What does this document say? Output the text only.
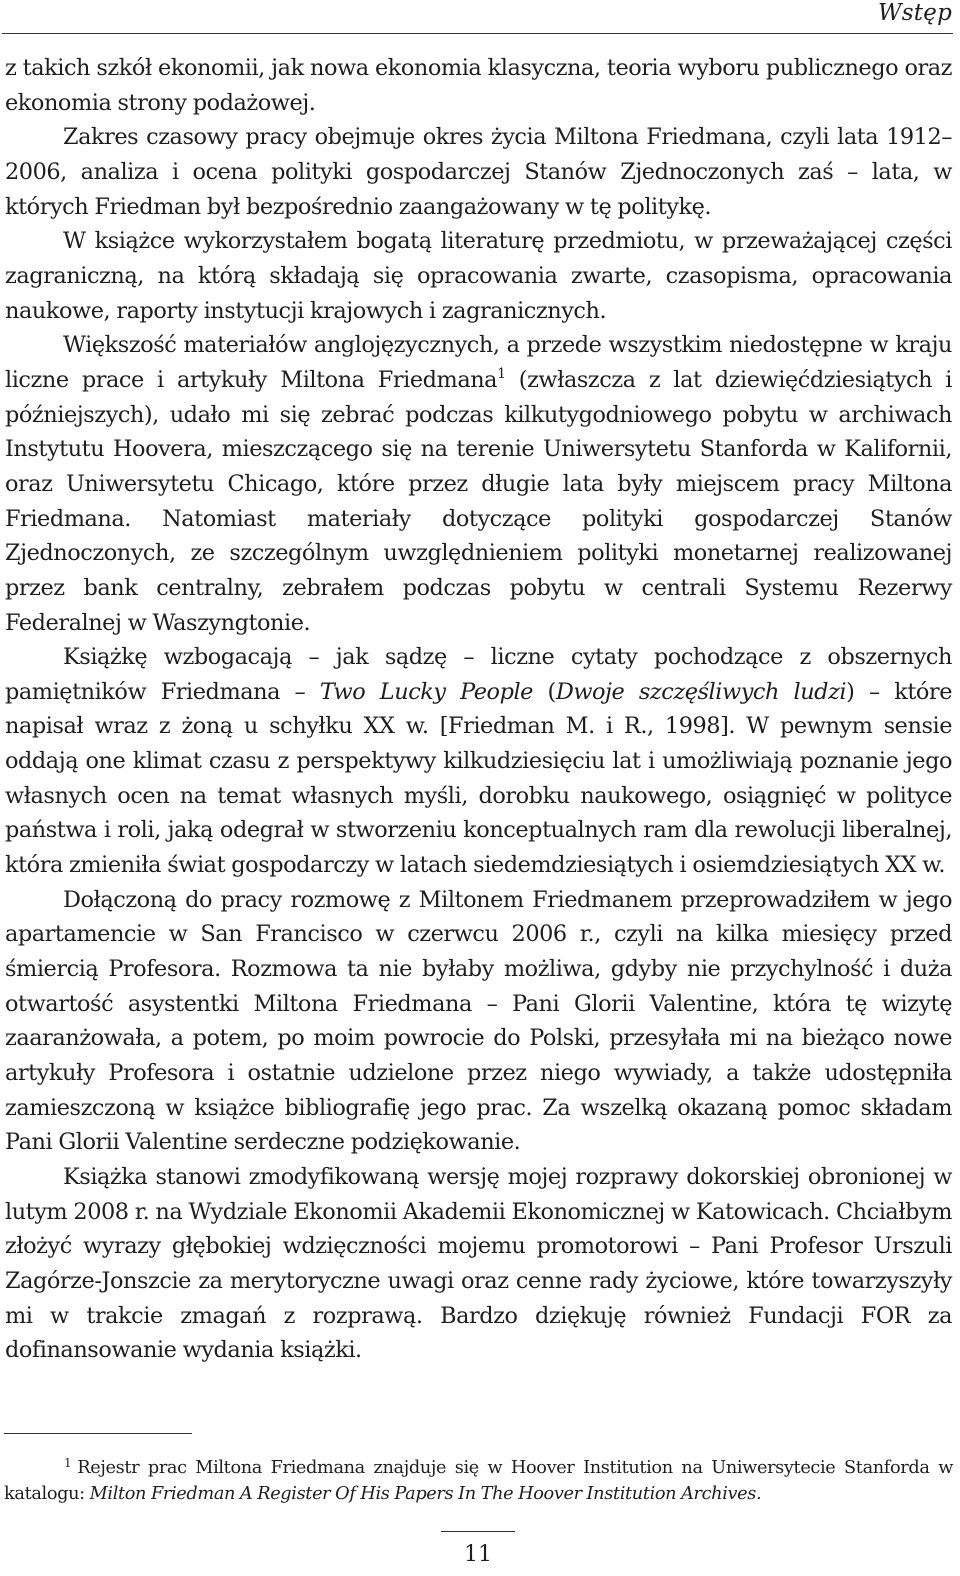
Wstęp

z takich szkół ekonomii, jak nowa ekonomia klasyczna, teoria wyboru publicznego oraz ekonomia strony podażowej.

Zakres czasowy pracy obejmuje okres życia Miltona Friedmana, czyli lata 1912–2006, analiza i ocena polityki gospodarczej Stanów Zjednoczonych zaś – lata, w których Friedman był bezpośrednio zaangażowany w tę politykę.

W książce wykorzystałem bogatą literaturę przedmiotu, w przeważającej części zagraniczną, na którą składają się opracowania zwarte, czasopisma, opracowania naukowe, raporty instytucji krajowych i zagranicznych.

Większość materiałów anglojęzycznych, a przede wszystkim niedostępne w kraju liczne prace i artykuły Miltona Friedmana$^1$ (zwłaszcza z lat dziewięćdziesiątych i późniejszych), udało mi się zebrać podczas kilkutygodniowego pobytu w archiwach Instytutu Hoovera, mieszczącego się na terenie Uniwersytetu Stanforda w Kalifornii, oraz Uniwersytetu Chicago, które przez długie lata były miejscem pracy Miltona Friedmana. Natomiast materiały dotyczące polityki gospodarczej Stanów Zjednoczonych, ze szczególnym uwzględnieniem polityki monetarnej realizowanej przez bank centralny, zebrałem podczas pobytu w centrali Systemu Rezerwy Federalnej w Waszyngtonie.

Książkę wzbogacają – jak sądzę – liczne cytaty pochodzące z obszernych pamiętników Friedmana – Two Lucky People (Dwoje szczęśliwych ludzi) – które napisał wraz z żoną u schyłku XX w. [Friedman M. i R., 1998]. W pewnym sensie oddają one klimat czasu z perspektywy kilkudziesięciu lat i umożliwiają poznanie jego własnych ocen na temat własnych myśli, dorobku naukowego, osiągnięć w polityce państwa i roli, jaką odegrał w stworzeniu konceptualnych ram dla rewolucji liberalnej, która zmieniła świat gospodarczy w latach siedemdziesiątych i osiemdziesiątych XX w.

Dołączoną do pracy rozmowę z Miltonem Friedmanem przeprowadziłem w jego apartamencie w San Francisco w czerwcu 2006 r., czyli na kilka miesięcy przed śmiercią Profesora. Rozmowa ta nie byłaby możliwa, gdyby nie przychylność i duża otwartość asystentki Miltona Friedmana – Pani Glorii Valentine, która tę wizytę zaaranżowała, a potem, po moim powrocie do Polski, przesyłała mi na bieżąco nowe artykuły Profesora i ostatnie udzielone przez niego wywiady, a także udostępniła zamieszczoną w książce bibliografię jego prac. Za wszelką okazaną pomoc składam Pani Glorii Valentine serdeczne podziękowanie.

Książka stanowi zmodyfikowaną wersję mojej rozprawy dokorskiej obronionej w lutym 2008 r. na Wydziale Ekonomii Akademii Ekonomicznej w Katowicach. Chciałbym złożyć wyrazy głębokiej wdzięczności mojemu promotorowi – Pani Profesor Urszuli Zagórze-Jonszcie za merytoryczne uwagi oraz cenne rady życiowe, które towarzyszyły mi w trakcie zmagań z rozprawą. Bardzo dziękuję również Fundacji FOR za dofinansowanie wydania książki.

$^1$ Rejestr prac Miltona Friedmana znajduje się w Hoover Institution na Uniwersytecie Stanforda w katalogu: Milton Friedman A Register Of His Papers In The Hoover Institution Archives.

11
